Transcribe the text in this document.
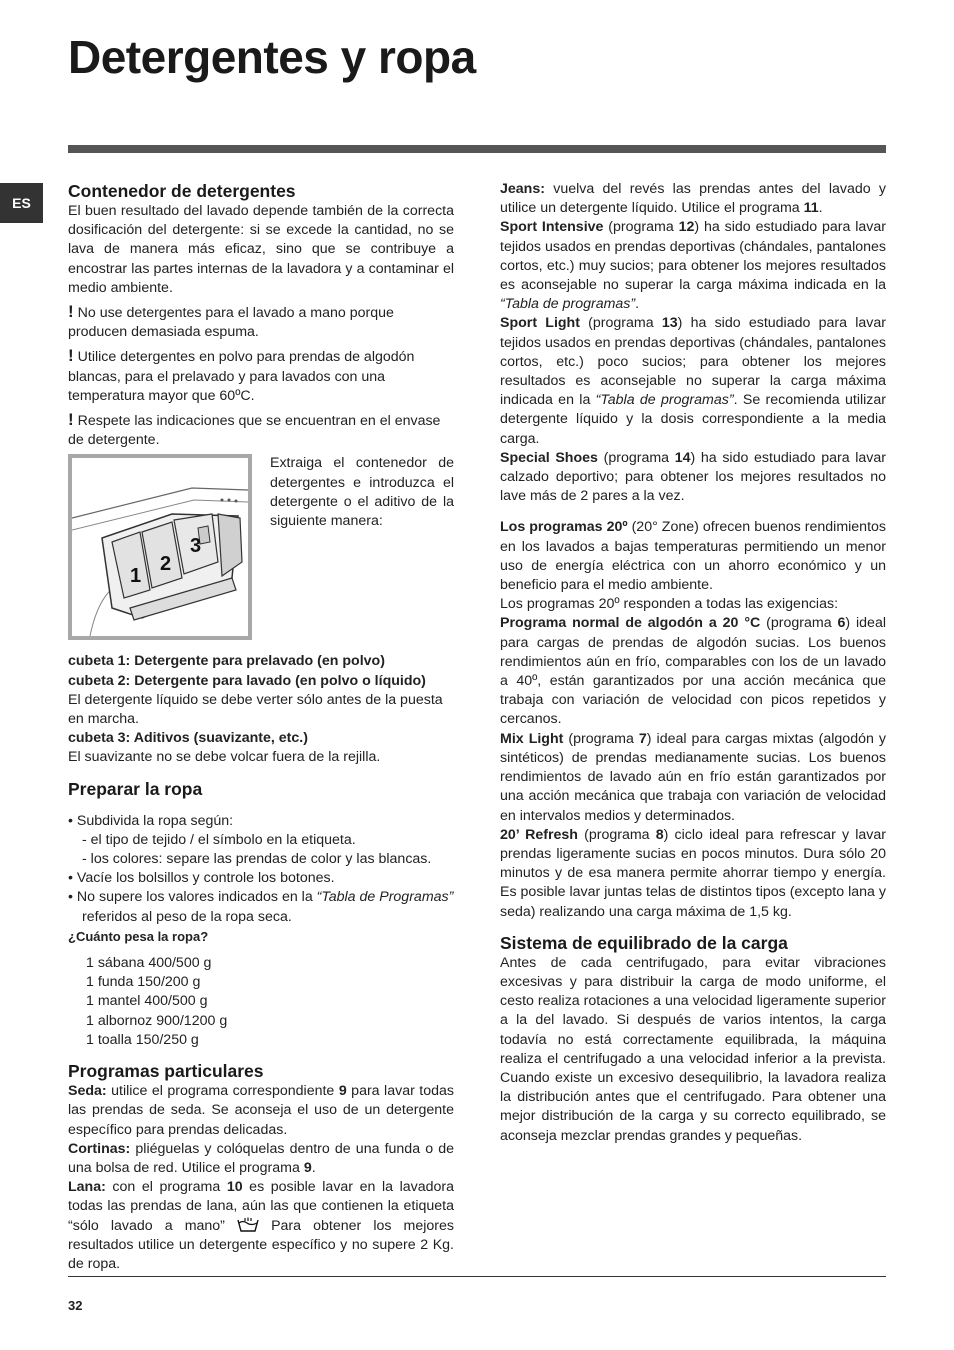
Detergentes y ropa
ES
Contenedor de detergentes

El buen resultado del lavado depende también de la correcta dosificación del detergente: si se excede la cantidad, no se lava de manera más eficaz, sino que se contribuye a encostrar las partes internas de la lavadora y a contaminar el medio ambiente.

! No use detergentes para el lavado a mano porque producen demasiada espuma.

! Utilice detergentes en polvo para prendas de algodón blancas, para el prelavado y para lavados con una temperatura mayor que 60ºC.

! Respete las indicaciones que se encuentran en el envase de detergente.

1
2
3

Extraiga el contenedor de detergentes e introduzca el detergente o el aditivo de la siguiente manera:

cubeta 1: Detergente para prelavado (en polvo)

cubeta 2: Detergente para lavado (en polvo o líquido)

El detergente líquido se debe verter sólo antes de la puesta en marcha.

cubeta 3: Aditivos (suavizante, etc.)

El suavizante no se debe volcar fuera de la rejilla.

Preparar la ropa
• Subdivida la ropa según:
- el tipo de tejido / el símbolo en la etiqueta.
- los colores: separe las prendas de color y las blancas.
• Vacíe los bolsillos y controle los botones.
• No supere los valores indicados en la “Tabla de Programas” referidos al peso de la ropa seca.

¿Cuánto pesa la ropa?

1 sábana 400/500 g
1 funda 150/200 g
1 mantel 400/500 g
1 albornoz 900/1200 g
1 toalla 150/250 g
Programas particulares

Seda: utilice el programa correspondiente 9 para lavar todas las prendas de seda. Se aconseja el uso de un detergente específico para prendas delicadas.

Cortinas: pliéguelas y colóquelas dentro de una funda o de una bolsa de red. Utilice el programa 9.

Lana: con el programa 10 es posible lavar en la lavadora todas las prendas de lana, aún las que contienen la etiqueta “sólo lavado a mano”  Para obtener los mejores resultados utilice un detergente específico y no supere 2 Kg. de ropa.

Jeans: vuelva del revés las prendas antes del lavado y utilice un detergente líquido. Utilice el programa 11.

Sport Intensive (programa 12) ha sido estudiado para lavar tejidos usados en prendas deportivas (chándales, pantalones cortos, etc.) muy sucios; para obtener los mejores resultados es aconsejable no superar la carga máxima indicada en la “Tabla de programas”.

Sport Light (programa 13) ha sido estudiado para lavar tejidos usados en prendas deportivas (chándales, pantalones cortos, etc.) poco sucios; para obtener los mejores resultados es aconsejable no superar la carga máxima indicada en la “Tabla de programas”. Se recomienda utilizar detergente líquido y la dosis correspondiente a la media carga.

Special Shoes (programa 14) ha sido estudiado para lavar calzado deportivo; para obtener los mejores resultados no lave más de 2 pares a la vez.

Los programas 20º (20° Zone) ofrecen buenos rendimientos en los lavados a bajas temperaturas permitiendo un menor uso de energía eléctrica con un ahorro económico y un beneficio para el medio ambiente.

Los programas 20º responden a todas las exigencias:

Programa normal de algodón a 20 °C (programa 6) ideal para cargas de prendas de algodón sucias. Los buenos rendimientos aún en frío, comparables con los de un lavado a 40º, están garantizados por una acción mecánica que trabaja con variación de velocidad con picos repetidos y cercanos.

Mix Light (programa 7) ideal para cargas mixtas (algodón y sintéticos) de prendas medianamente sucias. Los buenos rendimientos de lavado aún en frío están garantizados por una acción mecánica que trabaja con variación de velocidad en intervalos medios y determinados.

20’ Refresh (programa 8) ciclo ideal para refrescar y lavar prendas ligeramente sucias en pocos minutos. Dura sólo 20 minutos y de esa manera permite ahorrar tiempo y energía. Es posible lavar juntas telas de distintos tipos (excepto lana y seda) realizando una carga máxima de 1,5 kg.

Sistema de equilibrado de la carga

Antes de cada centrifugado, para evitar vibraciones excesivas y para distribuir la carga de modo uniforme, el cesto realiza rotaciones a una velocidad ligeramente superior a la del lavado. Si después de varios intentos, la carga todavía no está correctamente equilibrada, la máquina realiza el centrifugado a una velocidad inferior a la prevista. Cuando existe un excesivo desequilibrio, la lavadora realiza la distribución antes que el centrifugado. Para obtener una mejor distribución de la carga y su correcto equilibrado, se aconseja mezclar prendas grandes y pequeñas.

32
